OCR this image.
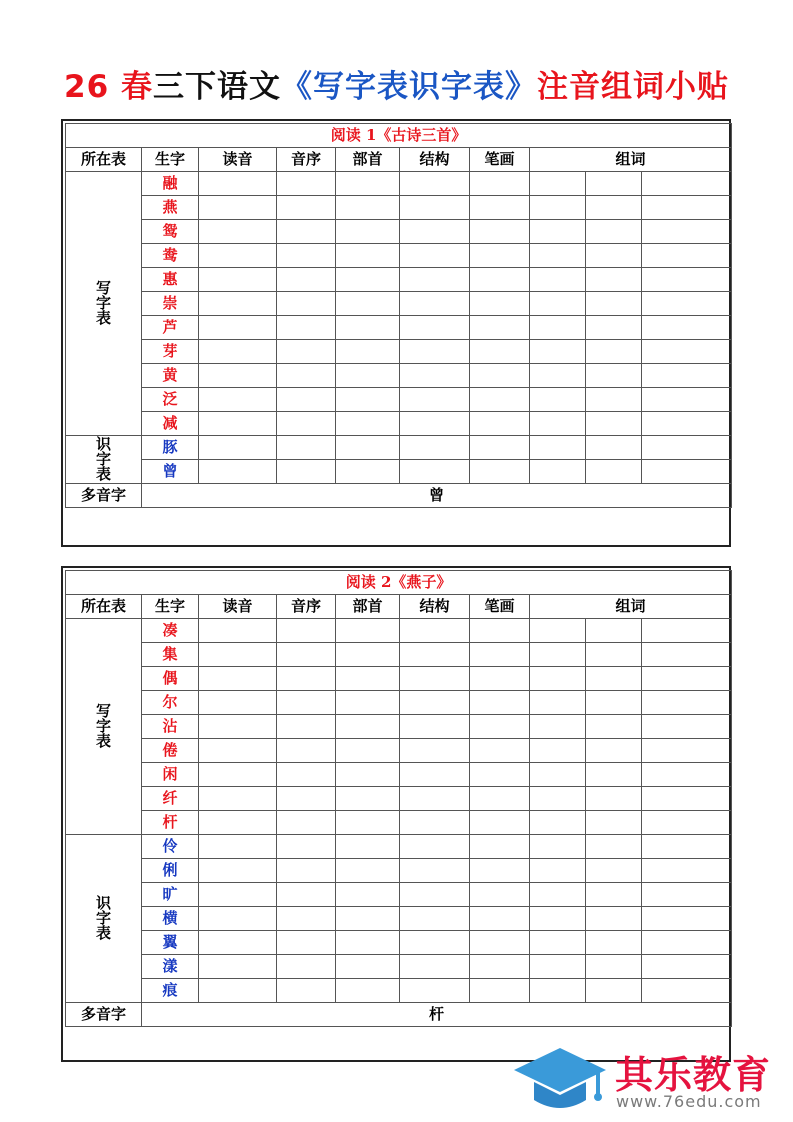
26 春三下语文《写字表识字表》注音组词小贴
阅读 1《古诗三首》									
所在表	生字	读音	音序	部首	结构	笔画	组词		
写
字
表	融								
	燕								
	鸳								
	鸯								
	惠								
	崇								
	芦								
	芽								
	黄								
	泛								
	减								
识
字
表	豚								
	曾								
多音字	曾								
阅读 2《燕子》									
所在表	生字	读音	音序	部首	结构	笔画	组词		
写
字
表	凑								
	集								
	偶								
	尔								
	沾								
	倦								
	闲								
	纤								
	杆								
识
字
表	伶								
	俐								
	旷								
	横								
	翼								
	漾								
	痕								
多音字	杆								
其乐教育
www.76edu.com
